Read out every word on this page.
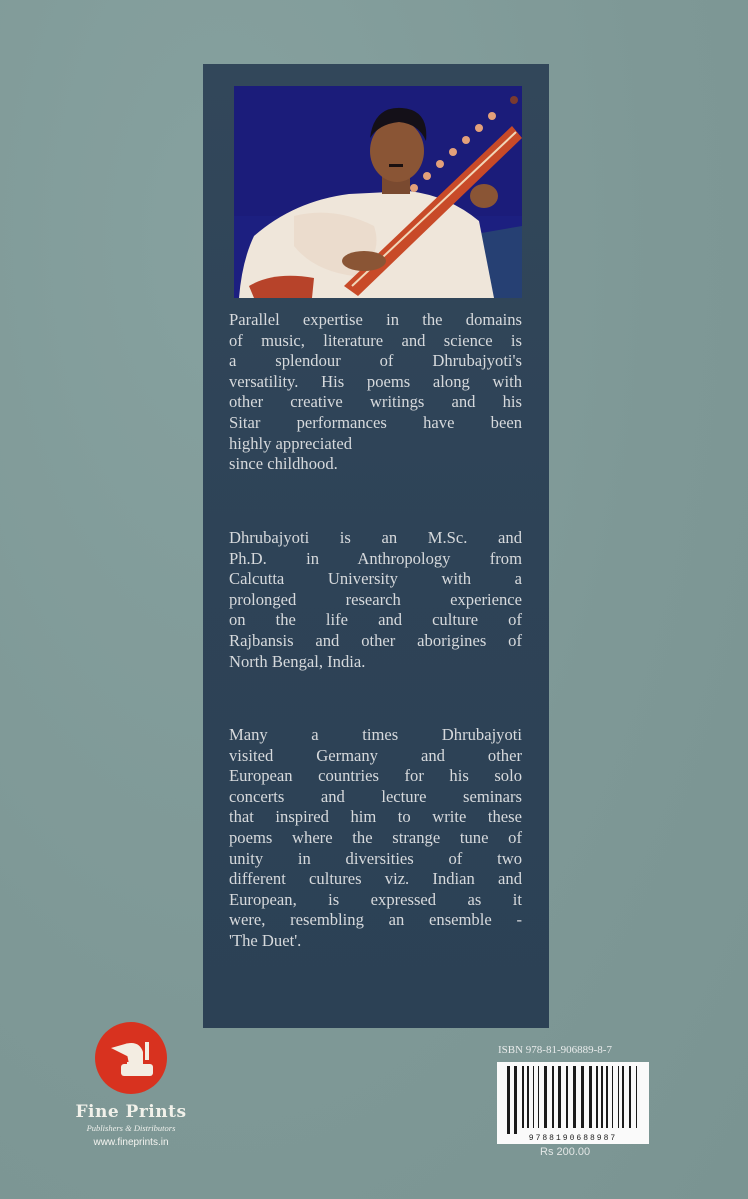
Parallel expertise in the domains
of music, literature and science is
a splendour of Dhrubajyoti's
versatility. His poems along with
other creative writings and his
Sitar performances have been
highly appreciated
since childhood.

Dhrubajyoti is an M.Sc. and
Ph.D. in Anthropology from
Calcutta University with a
prolonged research experience
on the life and culture of
Rajbansis and other aborigines of
North Bengal, India.

Many a times Dhrubajyoti
visited Germany and other
European countries for his solo
concerts and lecture seminars
that inspired him to write these
poems where the strange tune of
unity in diversities of two
different cultures viz. Indian and
European, is expressed as it
were, resembling an ensemble -
'The Duet'.

Fine Prints
Publishers & Distributors
www.fineprints.in
ISBN 978-81-906889-8-7
9788190688987
Rs 200.00
